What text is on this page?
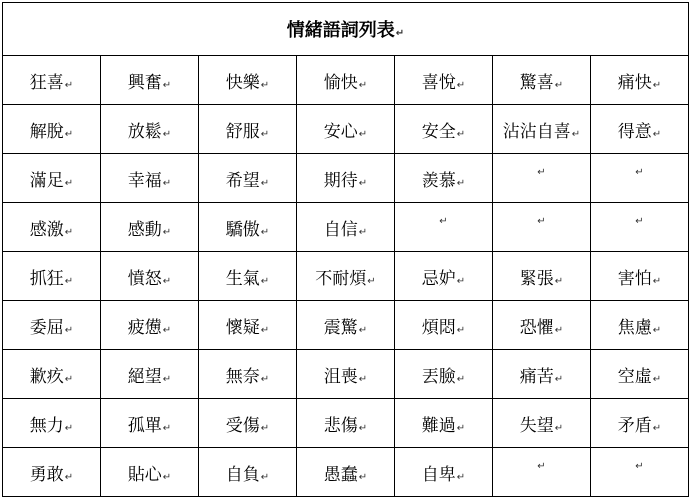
情緒語詞列表↵						
狂喜↵	興奮↵	快樂↵	愉快↵	喜悅↵	驚喜↵	痛快↵
解脫↵	放鬆↵	舒服↵	安心↵	安全↵	沾沾自喜↵	得意↵
滿足↵	幸福↵	希望↵	期待↵	羨慕↵	↵	↵
感激↵	感動↵	驕傲↵	自信↵	↵	↵	↵
抓狂↵	憤怒↵	生氣↵	不耐煩↵	忌妒↵	緊張↵	害怕↵
委屈↵	疲憊↵	懷疑↵	震驚↵	煩悶↵	恐懼↵	焦慮↵
歉疚↵	絕望↵	無奈↵	沮喪↵	丟臉↵	痛苦↵	空虛↵
無力↵	孤單↵	受傷↵	悲傷↵	難過↵	失望↵	矛盾↵
勇敢↵	貼心↵	自負↵	愚蠢↵	自卑↵	↵	↵
